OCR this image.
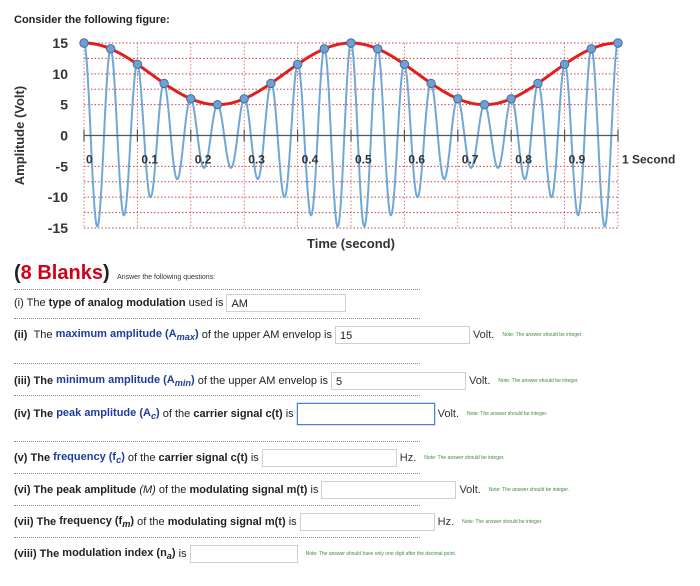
Consider the following figure:
15
10
5
0
-5
-10
-15
Amplitude (Volt)	0	0.1	0.2	0.3	0.4	0.5	0.6	0.7	0.8	0.9	1 Second
Time (second)
(8 Blanks) Answer the following questions:
(i) The
type of analog modulation
used is AM
(ii)
The
maximum amplitude $(A_{max})$
of the upper AM envelop is 15	Volt. Note: The answer should be integer.
(iii) The
minimum amplitude $(A_{min})$
of the upper AM envelop is 5	Volt. Note: The answer should be integer.
(iv) The
peak amplitude $(A_c)$
of the
carrier signal c(t)
is	Volt. Note: The answer should be integer.
(v) The
frequency $(f_c)$
of the
carrier signal c(t)
is	Hz. Note: The answer should be integer.
(vi) The
peak amplitude
(M)
of the
modulating signal m(t)
is	Volt. Note: The answer should be integer.
(vii) The
frequency $(f_m)$
of the
modulating signal m(t)
is	Hz. Note: The answer should be integer.
(viii) The
modulation index $(n_a)$
is	Note: The answer should have only one digit after the decimal point.
